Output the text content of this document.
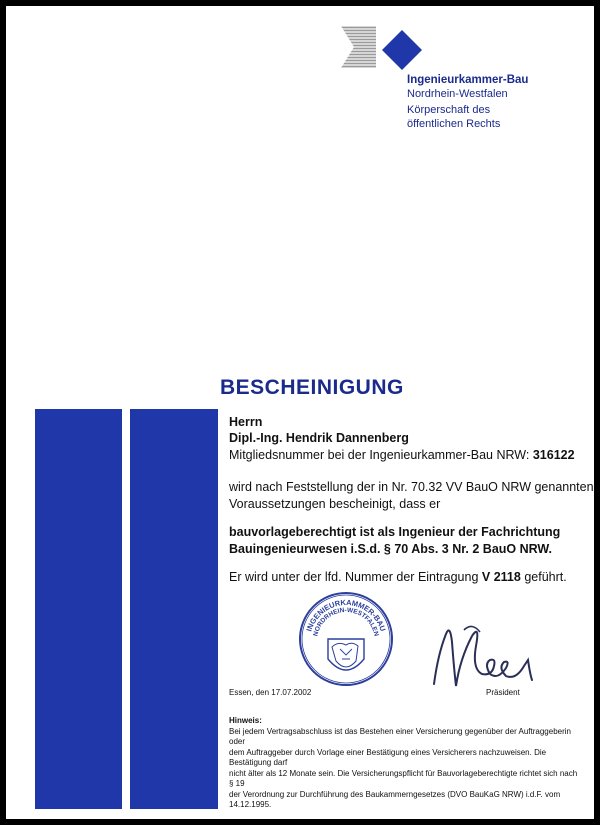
Ingenieurkammer-Bau
Nordrhein-Westfalen
Körperschaft des
öffentlichen Rechts
BESCHEINIGUNG
Herrn
Dipl.-Ing. Hendrik Dannenberg
Mitgliedsnummer bei der Ingenieurkammer-Bau NRW: 316122
wird nach Feststellung der in Nr. 70.32 VV BauO NRW genannten
Voraussetzungen bescheinigt, dass er
bauvorlageberechtigt ist als Ingenieur der Fachrichtung
Bauingenieurwesen i.S.d. § 70 Abs. 3 Nr. 2 BauO NRW.
Er wird unter der lfd. Nummer der Eintragung V 2118 geführt.
INGENIEURKAMMER-BAU
NORDRHEIN-WESTFALEN
Essen, den 17.07.2002	Präsident
Hinweis:
Bei jedem Vertragsabschluss ist das Bestehen einer Versicherung gegenüber der Auftraggeberin oder
dem Auftraggeber durch Vorlage einer Bestätigung eines Versicherers nachzuweisen. Die Bestätigung darf
nicht älter als 12 Monate sein. Die Versicherungspflicht für Bauvorlageberechtigte richtet sich nach § 19
der Verordnung zur Durchführung des Baukammerngesetzes (DVO BauKaG NRW) i.d.F. vom 14.12.1995.
